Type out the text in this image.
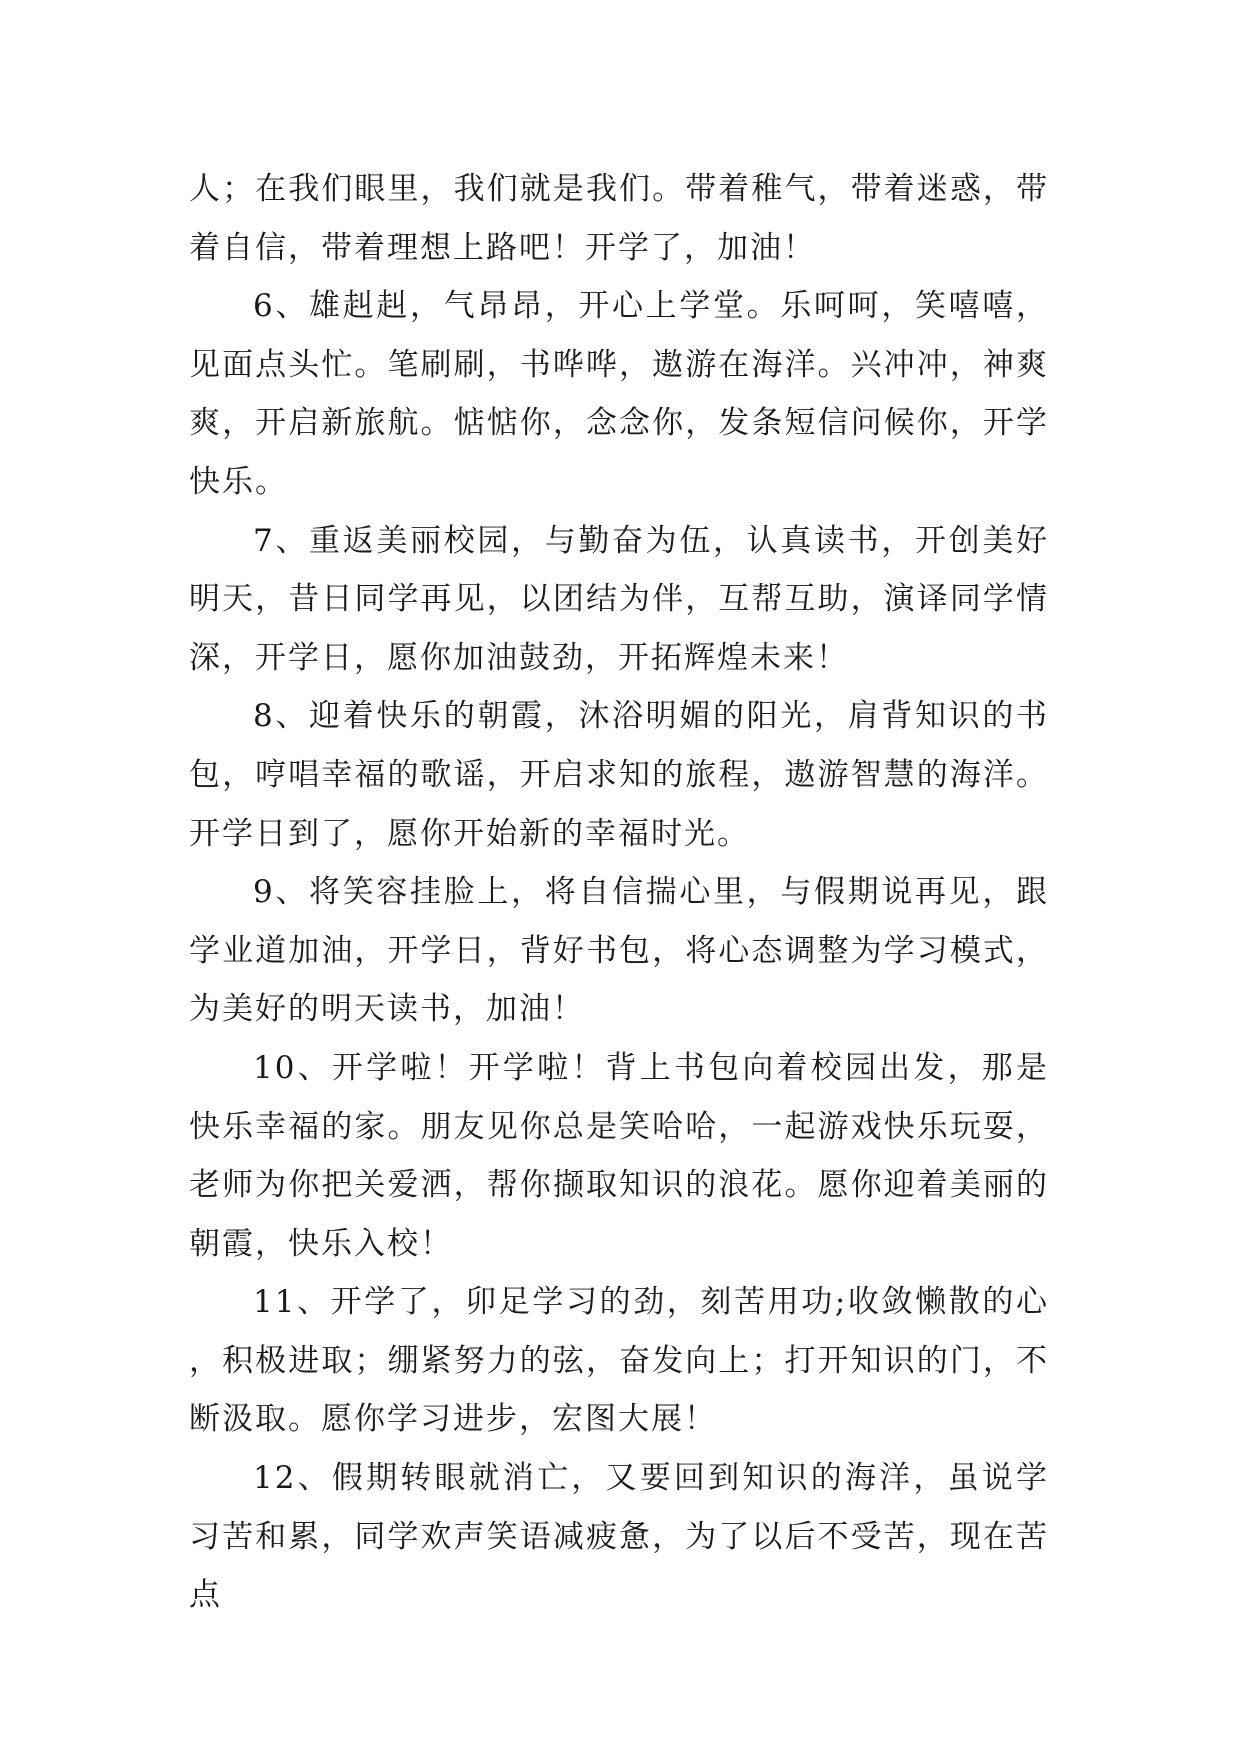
人；在我们眼里，我们就是我们。带着稚气，带着迷惑，带着自信，带着理想上路吧！开学了，加油！

6、雄赳赳，气昂昂，开心上学堂。乐呵呵，笑嘻嘻，见面点头忙。笔刷刷，书哗哗，遨游在海洋。兴冲冲，神爽爽，开启新旅航。惦惦你，念念你，发条短信问候你，开学快乐。

7、重返美丽校园，与勤奋为伍，认真读书，开创美好明天，昔日同学再见，以团结为伴，互帮互助，演译同学情深，开学日，愿你加油鼓劲，开拓辉煌未来！

8、迎着快乐的朝霞，沐浴明媚的阳光，肩背知识的书包，哼唱幸福的歌谣，开启求知的旅程，遨游智慧的海洋。开学日到了，愿你开始新的幸福时光。

9、将笑容挂脸上，将自信揣心里，与假期说再见，跟学业道加油，开学日，背好书包，将心态调整为学习模式，为美好的明天读书，加油！

10、开学啦！开学啦！背上书包向着校园出发，那是快乐幸福的家。朋友见你总是笑哈哈，一起游戏快乐玩耍，老师为你把关爱洒，帮你撷取知识的浪花。愿你迎着美丽的朝霞，快乐入校！

11、开学了，卯足学习的劲，刻苦用功;收敛懒散的心，积极进取；绷紧努力的弦，奋发向上；打开知识的门，不断汲取。愿你学习进步，宏图大展！

12、假期转眼就消亡，又要回到知识的海洋，虽说学习苦和累，同学欢声笑语减疲惫，为了以后不受苦，现在苦点
